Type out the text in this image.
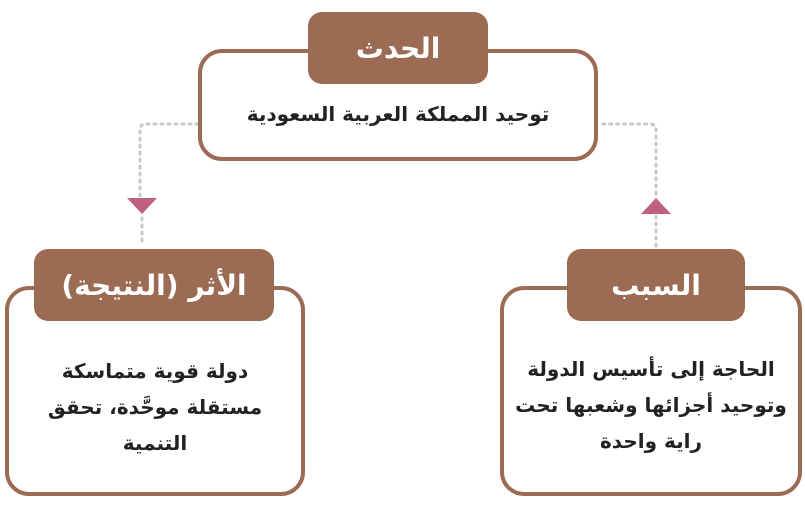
الحدث
توحيد المملكة العربية السعودية
الأثر (النتيجة)
دولة قوية متماسكة
مستقلة موحَّدة، تحقق
التنمية
السبب
الحاجة إلى تأسيس الدولة
وتوحيد أجزائها وشعبها تحت
راية واحدة
